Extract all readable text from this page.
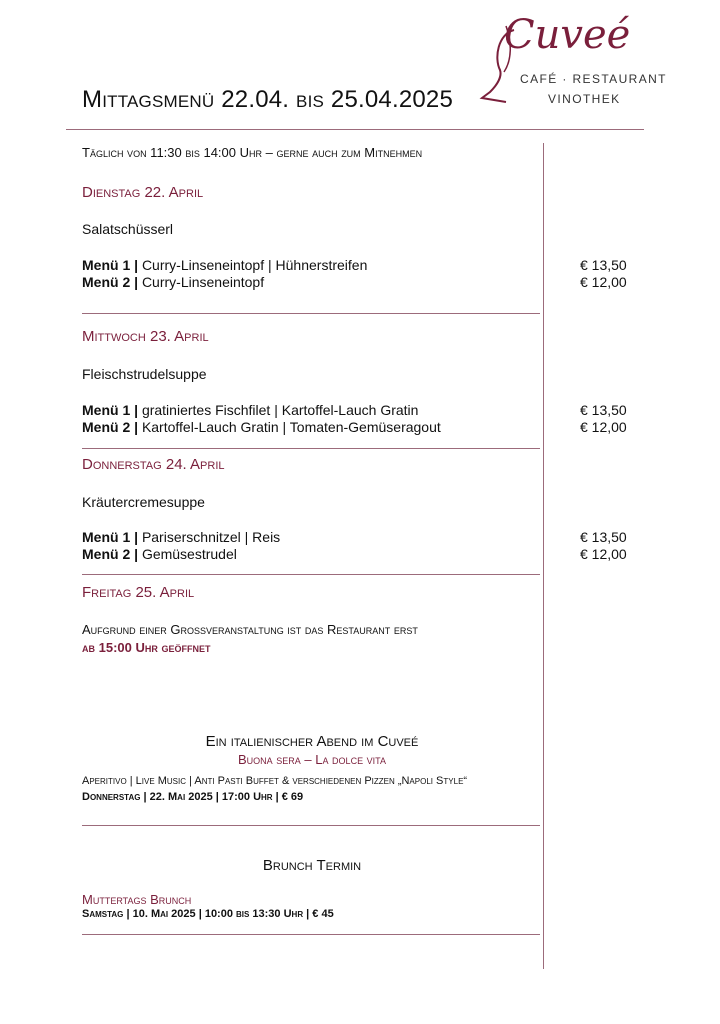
Mittagsmenü 22.04. bis 25.04.2025
Cuveé
CAFÉ · RESTAURANT
VINOTHEK
Täglich von 11:30 bis 14:00 Uhr – gerne auch zum Mitnehmen
Dienstag 22. April
Salatschüsserl
Menü 1 | Curry-Linseneintopf | Hühnerstreifen	€ 13,50
Menü 2 | Curry-Linseneintopf	€ 12,00
Mittwoch 23. April
Fleischstrudelsuppe
Menü 1 | gratiniertes Fischfilet | Kartoffel-Lauch Gratin	€ 13,50
Menü 2 | Kartoffel-Lauch Gratin | Tomaten-Gemüseragout	€ 12,00
Donnerstag 24. April
Kräutercremesuppe
Menü 1 | Pariserschnitzel | Reis	€ 13,50
Menü 2 | Gemüsestrudel	€ 12,00
Freitag 25. April
Aufgrund einer Großveranstaltung ist das Restaurant erst
ab 15:00 Uhr geöffnet
Ein italienischer Abend im Cuveé
Buona sera – La dolce vita
Aperitivo | Live Music | Anti Pasti Buffet & verschiedenen Pizzen „Napoli Style“
Donnerstag | 22. Mai 2025 | 17:00 Uhr | € 69
Brunch Termin
Muttertags Brunch
Samstag | 10. Mai 2025 | 10:00 bis 13:30 Uhr | € 45
